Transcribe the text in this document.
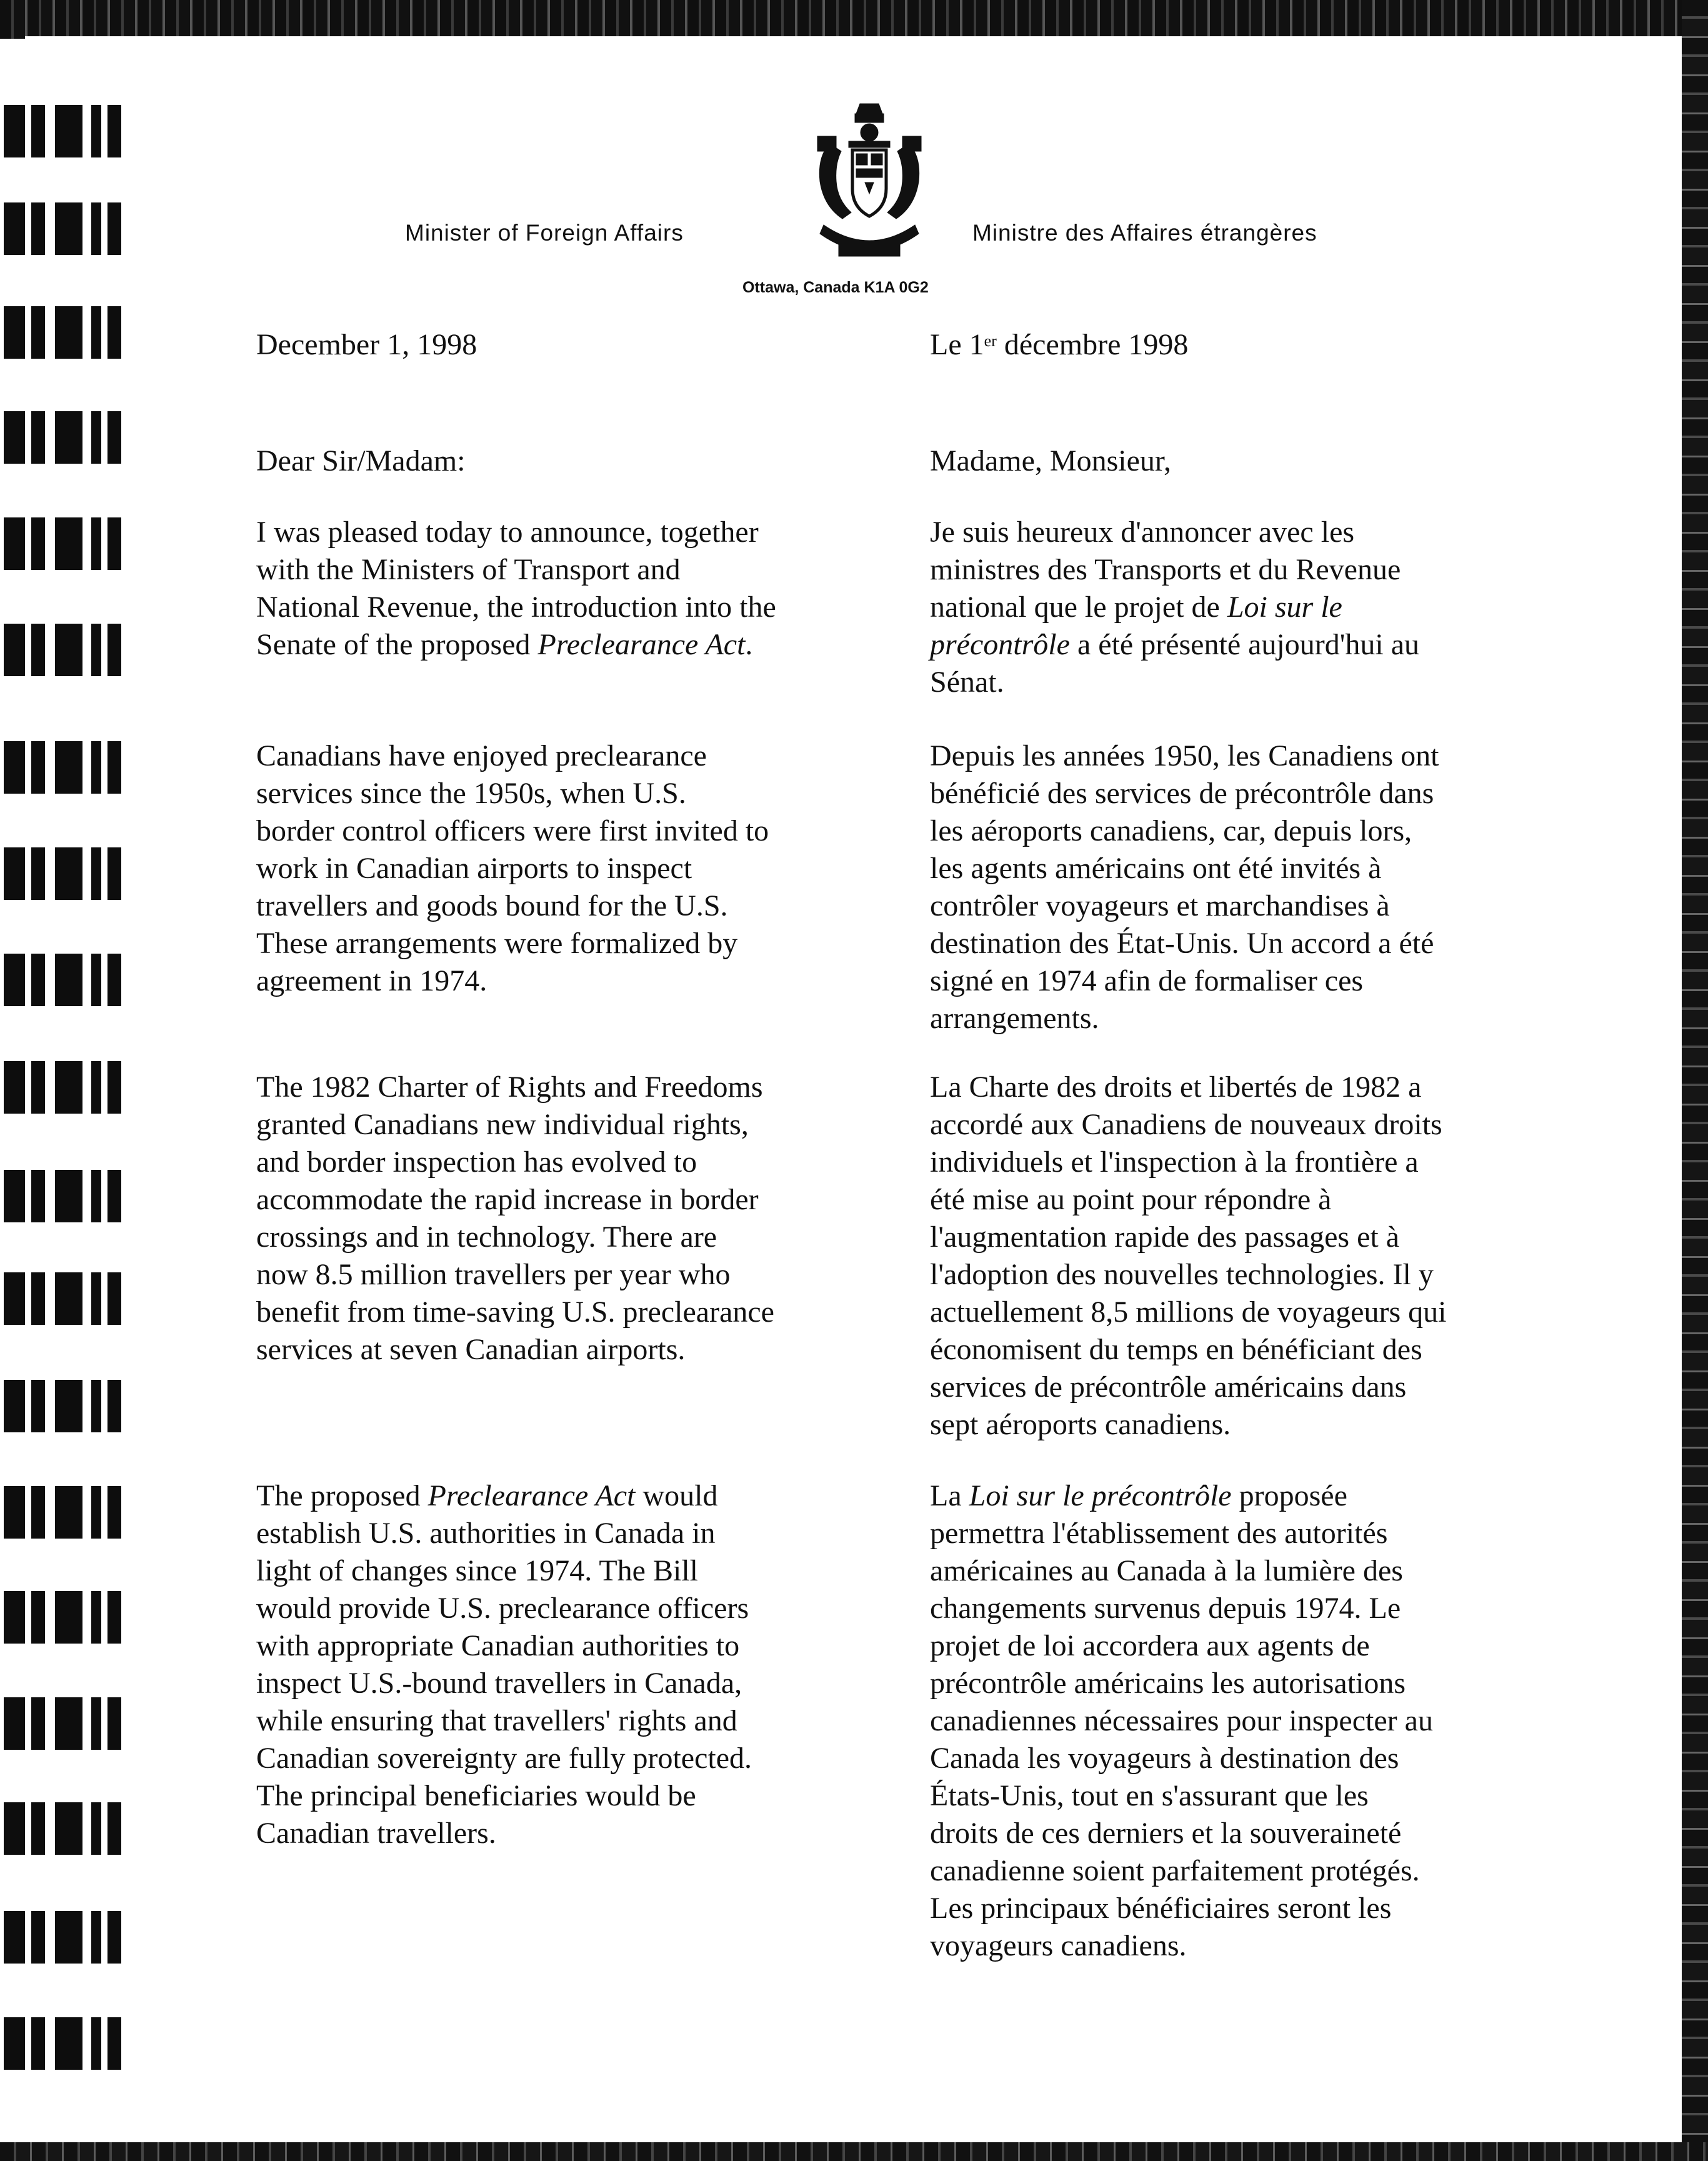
Minister of Foreign Affairs	Ministre des Affaires étrangères
Ottawa, Canada K1A 0G2

December 1, 1998

Dear Sir/Madam:

I was pleased today to announce, together
with the Ministers of Transport and
National Revenue, the introduction into the
Senate of the proposed Preclearance Act.

Canadians have enjoyed preclearance
services since the 1950s, when U.S.
border control officers were first invited to
work in Canadian airports to inspect
travellers and goods bound for the U.S.
These arrangements were formalized by
agreement in 1974.

The 1982 Charter of Rights and Freedoms
granted Canadians new individual rights,
and border inspection has evolved to
accommodate the rapid increase in border
crossings and in technology. There are
now 8.5 million travellers per year who
benefit from time-saving U.S. preclearance
services at seven Canadian airports.

The proposed Preclearance Act would
establish U.S. authorities in Canada in
light of changes since 1974. The Bill
would provide U.S. preclearance officers
with appropriate Canadian authorities to
inspect U.S.-bound travellers in Canada,
while ensuring that travellers' rights and
Canadian sovereignty are fully protected.
The principal beneficiaries would be
Canadian travellers.

Le 1er décembre 1998

Madame, Monsieur,

Je suis heureux d'annoncer avec les
ministres des Transports et du Revenue
national que le projet de Loi sur le
précontrôle a été présenté aujourd'hui au
Sénat.

Depuis les années 1950, les Canadiens ont
bénéficié des services de précontrôle dans
les aéroports canadiens, car, depuis lors,
les agents américains ont été invités à
contrôler voyageurs et marchandises à
destination des État-Unis. Un accord a été
signé en 1974 afin de formaliser ces
arrangements.

La Charte des droits et libertés de 1982 a
accordé aux Canadiens de nouveaux droits
individuels et l'inspection à la frontière a
été mise au point pour répondre à
l'augmentation rapide des passages et à
l'adoption des nouvelles technologies. Il y
actuellement 8,5 millions de voyageurs qui
économisent du temps en bénéficiant des
services de précontrôle américains dans
sept aéroports canadiens.

La Loi sur le précontrôle proposée
permettra l'établissement des autorités
américaines au Canada à la lumière des
changements survenus depuis 1974. Le
projet de loi accordera aux agents de
précontrôle américains les autorisations
canadiennes nécessaires pour inspecter au
Canada les voyageurs à destination des
États-Unis, tout en s'assurant que les
droits de ces derniers et la souveraineté
canadienne soient parfaitement protégés.
Les principaux bénéficiaires seront les
voyageurs canadiens.
